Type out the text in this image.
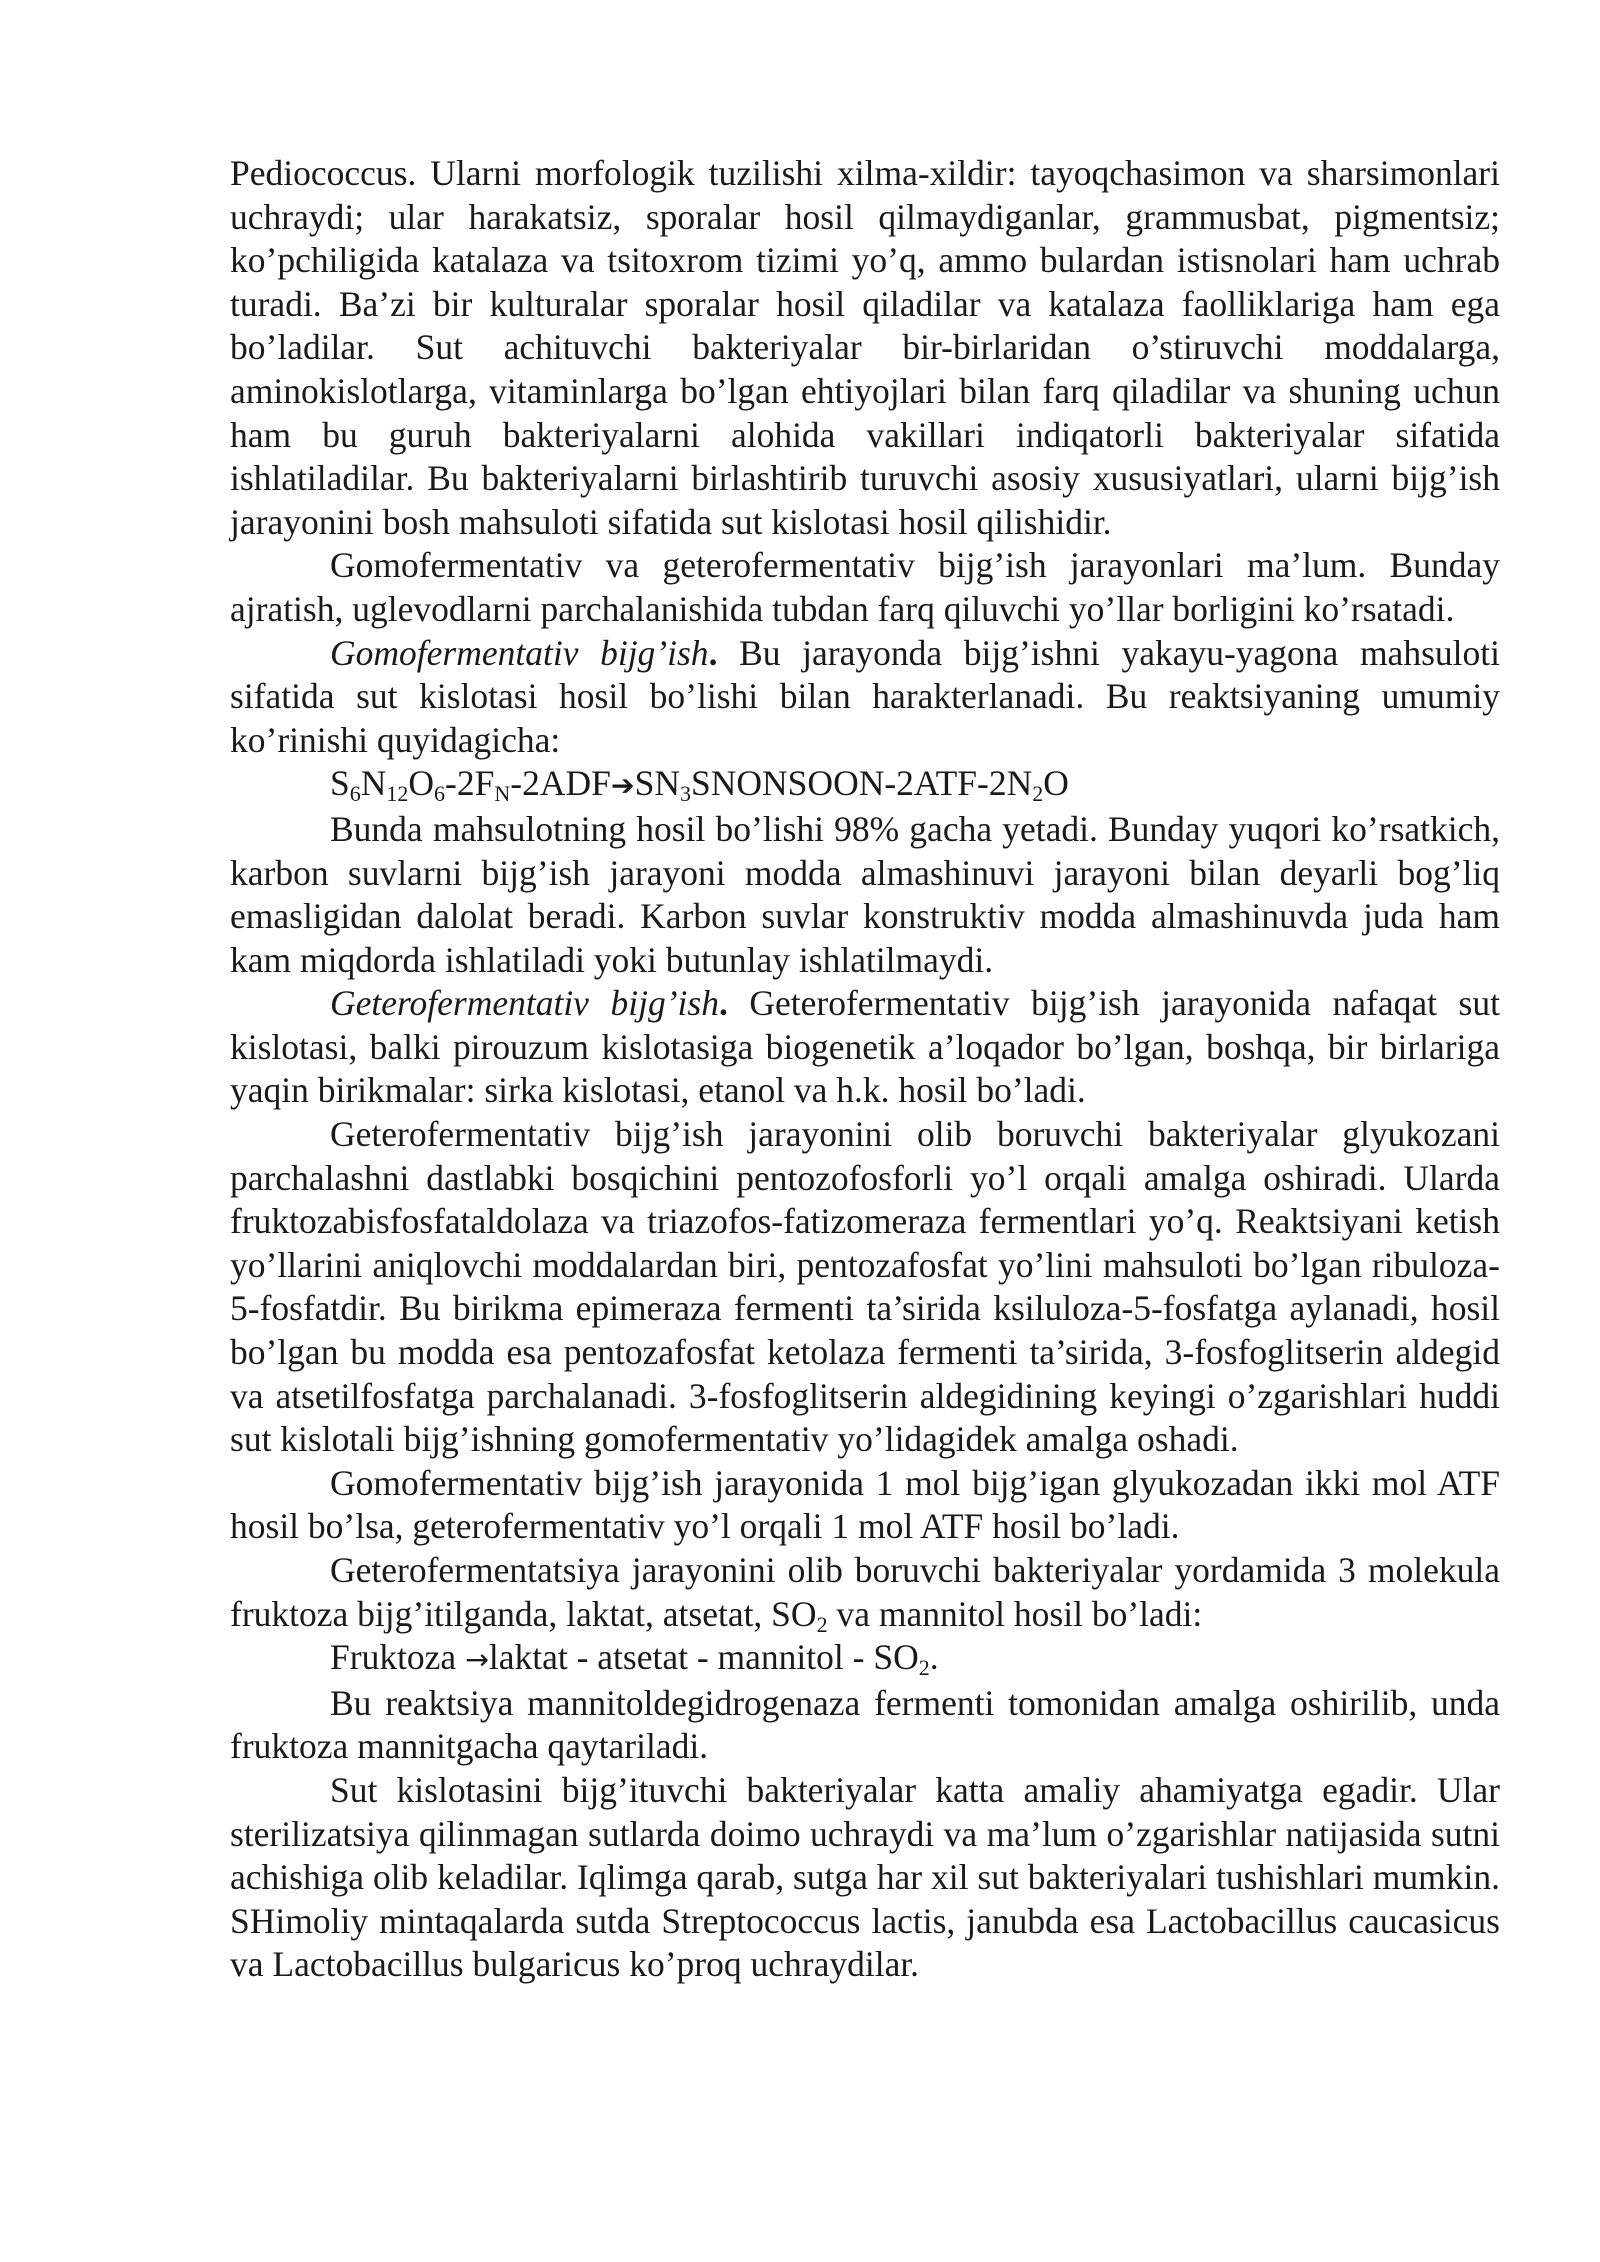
Pediococcus. Ularni morfologik tuzilishi xilma-xildir: tayoqchasimon va sharsimonlari uchraydi; ular harakatsiz, sporalar hosil qilmaydiganlar, grammusbat, pigmentsiz; ko’pchiligida katalaza va tsitoxrom tizimi yo’q, ammo bulardan istisnolari ham uchrab turadi. Ba’zi bir kulturalar sporalar hosil qiladilar va katalaza faolliklariga ham ega bo’ladilar. Sut achituvchi bakteriyalar bir-birlaridan o’stiruvchi moddalarga, aminokislotlarga, vitaminlarga bo’lgan ehtiyojlari bilan farq qiladilar va shuning uchun ham bu guruh bakteriyalarni alohida vakillari indiqatorli bakteriyalar sifatida ishlatiladilar. Bu bakteriyalarni birlashtirib turuvchi asosiy xususiyatlari, ularni bijg’ish jarayonini bosh mahsuloti sifatida sut kislotasi hosil qilishidir.

Gomofermentativ va geterofermentativ bijg’ish jarayonlari ma’lum. Bunday ajratish, uglevodlarni parchalanishida tubdan farq qiluvchi yo’llar borligini ko’rsatadi.

Gomofermentativ bijg’ish. Bu jarayonda bijg’ishni yakayu-yagona mahsuloti sifatida sut kislotasi hosil bo’lishi bilan harakterlanadi. Bu reaktsiyaning umumiy ko’rinishi quyidagicha:

$S_6N_{12}O_6-2F_N-2ADF➔SN_3SNONSOON-2ATF-2N_2O$

Bunda mahsulotning hosil bo’lishi 98% gacha yetadi. Bunday yuqori ko’rsatkich, karbon suvlarni bijg’ish jarayoni modda almashinuvi jarayoni bilan deyarli bog’liq emasligidan dalolat beradi. Karbon suvlar konstruktiv modda almashinuvda juda ham kam miqdorda ishlatiladi yoki butunlay ishlatilmaydi.

Geterofermentativ bijg’ish. Geterofermentativ bijg’ish jarayonida nafaqat sut kislotasi, balki pirouzum kislotasiga biogenetik a’loqador bo’lgan, boshqa, bir birlariga yaqin birikmalar: sirka kislotasi, etanol va h.k. hosil bo’ladi.

Geterofermentativ bijg’ish jarayonini olib boruvchi bakteriyalar glyukozani parchalashni dastlabki bosqichini pentozofosforli yo’l orqali amalga oshiradi. Ularda fruktozabisfosfataldolaza va triazofos-fatizomeraza fermentlari yo’q. Reaktsiyani ketish yo’llarini aniqlovchi moddalardan biri, pentozafosfat yo’lini mahsuloti bo’lgan ribuloza-5-fosfatdir. Bu birikma epimeraza fermenti ta’sirida ksiluloza-5-fosfatga aylanadi, hosil bo’lgan bu modda esa pentozafosfat ketolaza fermenti ta’sirida, 3-fosfoglitserin aldegid va atsetilfosfatga parchalanadi. 3-fosfoglitserin aldegidining keyingi o’zgarishlari huddi sut kislotali bijg’ishning gomofermentativ yo’lidagidek amalga oshadi.

Gomofermentativ bijg’ish jarayonida 1 mol bijg’igan glyukozadan ikki mol ATF hosil bo’lsa, geterofermentativ yo’l orqali 1 mol ATF hosil bo’ladi.

Geterofermentatsiya jarayonini olib boruvchi bakteriyalar yordamida 3 molekula fruktoza bijg’itilganda, laktat, atsetat, $SO_2$ va mannitol hosil bo’ladi:

Fruktoza →laktat - atsetat - mannitol - $SO_2$.

Bu reaktsiya mannitoldegidrogenaza fermenti tomonidan amalga oshirilib, unda fruktoza mannitgacha qaytariladi.

Sut kislotasini bijg’ituvchi bakteriyalar katta amaliy ahamiyatga egadir. Ular sterilizatsiya qilinmagan sutlarda doimo uchraydi va ma’lum o’zgarishlar natijasida sutni achishiga olib keladilar. Iqlimga qarab, sutga har xil sut bakteriyalari tushishlari mumkin. SHimoliy mintaqalarda sutda Streptococcus lactis, janubda esa Lactobacillus caucasicus va Lactobacillus bulgaricus ko’proq uchraydilar.
